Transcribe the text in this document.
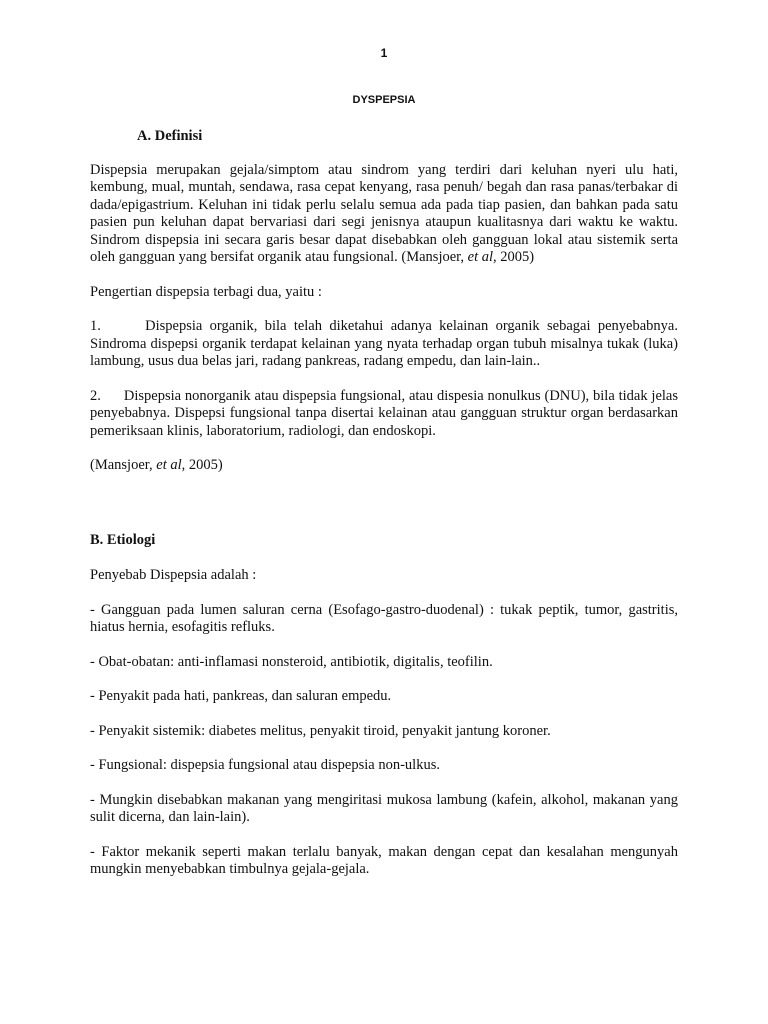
1
DYSPEPSIA
A. Definisi

Dispepsia merupakan gejala/simptom atau sindrom yang terdiri dari keluhan nyeri ulu hati, kembung, mual, muntah, sendawa, rasa cepat kenyang, rasa penuh/ begah dan rasa panas/terbakar di dada/epigastrium. Keluhan ini tidak perlu selalu semua ada pada tiap pasien, dan bahkan pada satu pasien pun keluhan dapat bervariasi dari segi jenisnya ataupun kualitasnya dari waktu ke waktu. Sindrom dispepsia ini secara garis besar dapat disebabkan oleh gangguan lokal atau sistemik serta oleh gangguan yang bersifat organik atau fungsional. (Mansjoer, et al, 2005)

Pengertian dispepsia terbagi dua, yaitu :

1.      Dispepsia organik, bila telah diketahui adanya kelainan organik sebagai penyebabnya. Sindroma dispepsi organik terdapat kelainan yang nyata terhadap organ tubuh misalnya tukak (luka) lambung, usus dua belas jari, radang pankreas, radang empedu, dan lain-lain..

2.      Dispepsia nonorganik atau dispepsia fungsional, atau dispesia nonulkus (DNU), bila tidak jelas penyebabnya. Dispepsi fungsional tanpa disertai kelainan atau gangguan struktur organ berdasarkan pemeriksaan klinis, laboratorium, radiologi, dan endoskopi.

(Mansjoer, et al, 2005)

B. Etiologi

Penyebab Dispepsia adalah :

- Gangguan pada lumen saluran cerna (Esofago-gastro-duodenal) : tukak peptik, tumor, gastritis, hiatus hernia, esofagitis refluks.

- Obat-obatan: anti-inflamasi nonsteroid, antibiotik, digitalis, teofilin.

- Penyakit pada hati, pankreas, dan saluran empedu.

- Penyakit sistemik: diabetes melitus, penyakit tiroid, penyakit jantung koroner.

- Fungsional: dispepsia fungsional atau dispepsia non-ulkus.

- Mungkin disebabkan makanan yang mengiritasi mukosa lambung (kafein, alkohol, makanan yang sulit dicerna, dan lain-lain).

- Faktor mekanik seperti makan terlalu banyak, makan dengan cepat dan kesalahan mengunyah mungkin menyebabkan timbulnya gejala-gejala.
